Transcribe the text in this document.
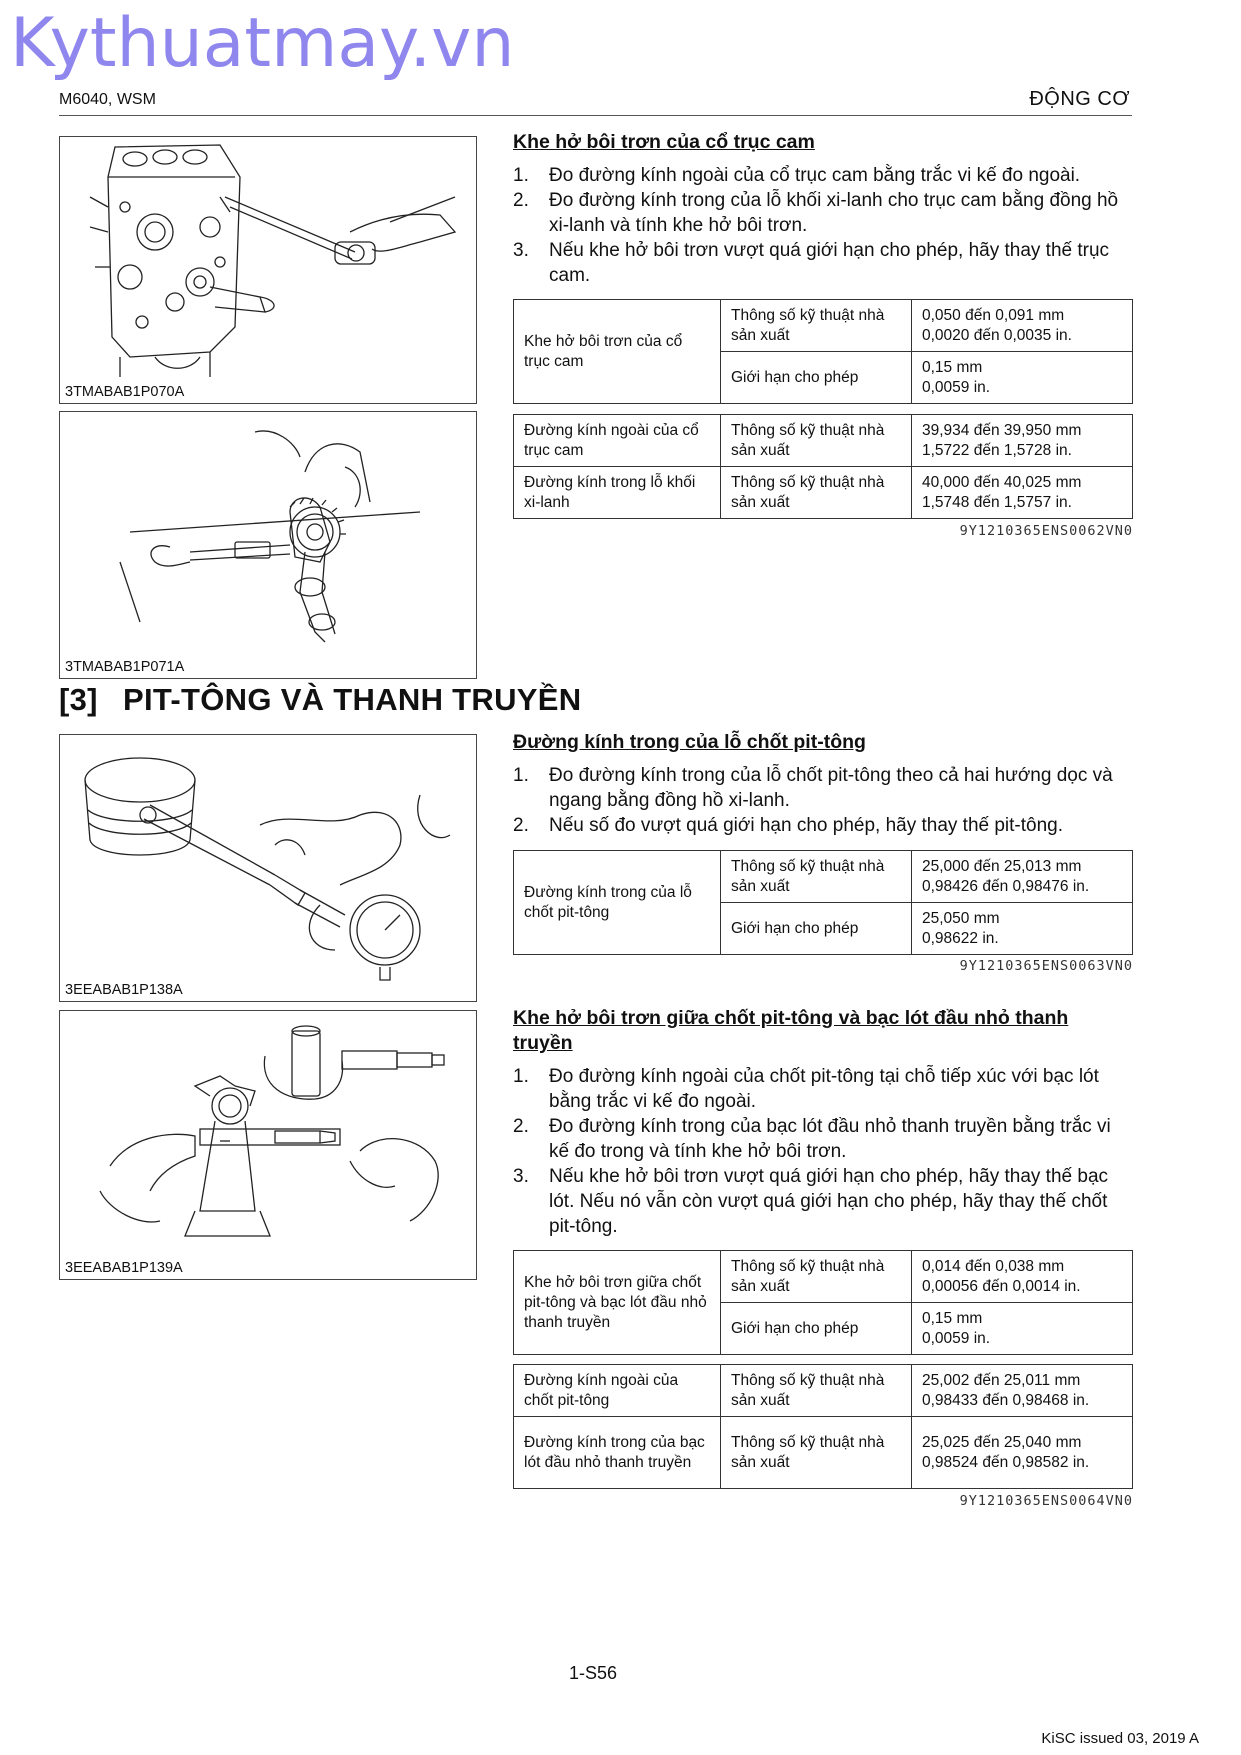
Kythuatmay.vn
M6040, WSM	ĐỘNG CƠ
3TMABAB1P070A
3TMABAB1P071A
[3] PIT-TÔNG VÀ THANH TRUYỀN
3EEABAB1P138A
3EEABAB1P139A
Khe hở bôi trơn của cổ trục cam
1. Đo đường kính ngoài của cổ trục cam bằng trắc vi kế đo ngoài.
2. Đo đường kính trong của lỗ khối xi-lanh cho trục cam bằng đồng hồ xi-lanh và tính khe hở bôi trơn.
3. Nếu khe hở bôi trơn vượt quá giới hạn cho phép, hãy thay thế trục cam.
Khe hở bôi trơn của cổ trục cam	Thông số kỹ thuật nhà sản xuất	0,050 đến 0,091 mm
0,0020 đến 0,0035 in.

	Giới hạn cho phép	0,15 mm
0,0059 in.
Đường kính ngoài của cổ trục cam	Thông số kỹ thuật nhà sản xuất	39,934 đến 39,950 mm
1,5722 đến 1,5728 in.

Đường kính trong lỗ khối xi-lanh	Thông số kỹ thuật nhà sản xuất	40,000 đến 40,025 mm
1,5748 đến 1,5757 in.
9Y1210365ENS0062VN0
Đường kính trong của lỗ chốt pit-tông
1. Đo đường kính trong của lỗ chốt pit-tông theo cả hai hướng dọc và ngang bằng đồng hồ xi-lanh.
2. Nếu số đo vượt quá giới hạn cho phép, hãy thay thế pit-tông.
Đường kính trong của lỗ chốt pit-tông	Thông số kỹ thuật nhà sản xuất	25,000 đến 25,013 mm
0,98426 đến 0,98476 in.

	Giới hạn cho phép	25,050 mm
0,98622 in.
9Y1210365ENS0063VN0
Khe hở bôi trơn giữa chốt pit-tông và bạc lót đầu nhỏ thanh truyền
1. Đo đường kính ngoài của chốt pit-tông tại chỗ tiếp xúc với bạc lót bằng trắc vi kế đo ngoài.
2. Đo đường kính trong của bạc lót đầu nhỏ thanh truyền bằng trắc vi kế đo trong và tính khe hở bôi trơn.
3. Nếu khe hở bôi trơn vượt quá giới hạn cho phép, hãy thay thế bạc lót. Nếu nó vẫn còn vượt quá giới hạn cho phép, hãy thay thế chốt pit-tông.
Khe hở bôi trơn giữa chốt pit-tông và bạc lót đầu nhỏ thanh truyền	Thông số kỹ thuật nhà sản xuất	0,014 đến 0,038 mm
0,00056 đến 0,0014 in.

	Giới hạn cho phép	0,15 mm
0,0059 in.
Đường kính ngoài của chốt pit-tông	Thông số kỹ thuật nhà sản xuất	25,002 đến 25,011 mm
0,98433 đến 0,98468 in.

Đường kính trong của bạc lót đầu nhỏ thanh truyền	Thông số kỹ thuật nhà sản xuất	25,025 đến 25,040 mm
0,98524 đến 0,98582 in.
9Y1210365ENS0064VN0
1-S56
KiSC issued 03, 2019 A
